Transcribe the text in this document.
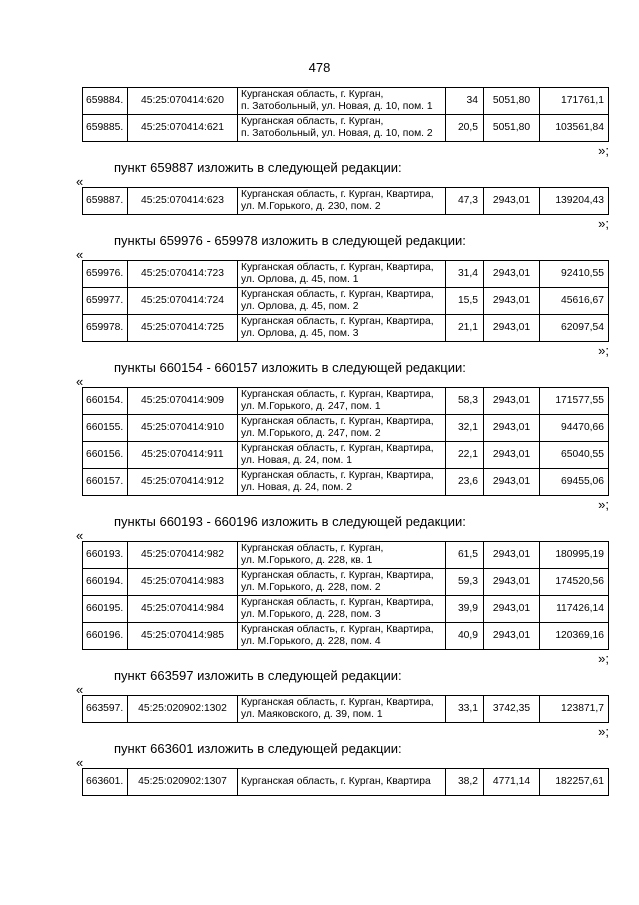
478
659884.	45:25:070414:620	Курганская область, г. Курган,
п. Затобольный, ул. Новая, д. 10, пом. 1	34	5051,80	171761,1
659885.	45:25:070414:621	Курганская область, г. Курган,
п. Затобольный, ул. Новая, д. 10, пом. 2	20,5	5051,80	103561,84
»;
пункт 659887 изложить в следующей редакции:
«
659887.	45:25:070414:623	
Курганская область, г. Курган, Квартира,
ул. М.Горького, д. 230, пом. 2
	47,3	2943,01	139204,43
»;
пункты 659976 - 659978 изложить в следующей редакции:
«
659976.	45:25:070414:723	Курганская область, г. Курган, Квартира,
ул. Орлова, д. 45, пом. 1	31,4	2943,01	92410,55
659977.	45:25:070414:724	Курганская область, г. Курган, Квартира,
ул. Орлова, д. 45, пом. 2	15,5	2943,01	45616,67
659978.	45:25:070414:725	Курганская область, г. Курган, Квартира,
ул. Орлова, д. 45, пом. 3	21,1	2943,01	62097,54
»;
пункты 660154 - 660157 изложить в следующей редакции:
«
660154.	45:25:070414:909	Курганская область, г. Курган, Квартира,
ул. М.Горького, д. 247, пом. 1	58,3	2943,01	171577,55
660155.	45:25:070414:910	Курганская область, г. Курган, Квартира,
ул. М.Горького, д. 247, пом. 2	32,1	2943,01	94470,66
660156.	45:25:070414:911	Курганская область, г. Курган, Квартира,
ул. Новая, д. 24, пом. 1	22,1	2943,01	65040,55
660157.	45:25:070414:912	Курганская область, г. Курган, Квартира,
ул. Новая, д. 24, пом. 2	23,6	2943,01	69455,06
»;
пункты 660193 - 660196 изложить в следующей редакции:
«
660193.	45:25:070414:982	Курганская область, г. Курган,
ул. М.Горького, д. 228, кв. 1	61,5	2943,01	180995,19
660194.	45:25:070414:983	Курганская область, г. Курган, Квартира,
ул. М.Горького, д. 228, пом. 2	59,3	2943,01	174520,56
660195.	45:25:070414:984	Курганская область, г. Курган, Квартира,
ул. М.Горького, д. 228, пом. 3	39,9	2943,01	117426,14
660196.	45:25:070414:985	Курганская область, г. Курган, Квартира,
ул. М.Горького, д. 228, пом. 4	40,9	2943,01	120369,16
»;
пункт 663597 изложить в следующей редакции:
«
663597.	45:25:020902:1302	
Курганская область, г. Курган, Квартира,
ул. Маяковского, д. 39, пом. 1
	33,1	3742,35	123871,7
»;
пункт 663601 изложить в следующей редакции:
«
663601.	45:25:020902:1307	Курганская область, г. Курган, Квартира	38,2	4771,14	182257,61
